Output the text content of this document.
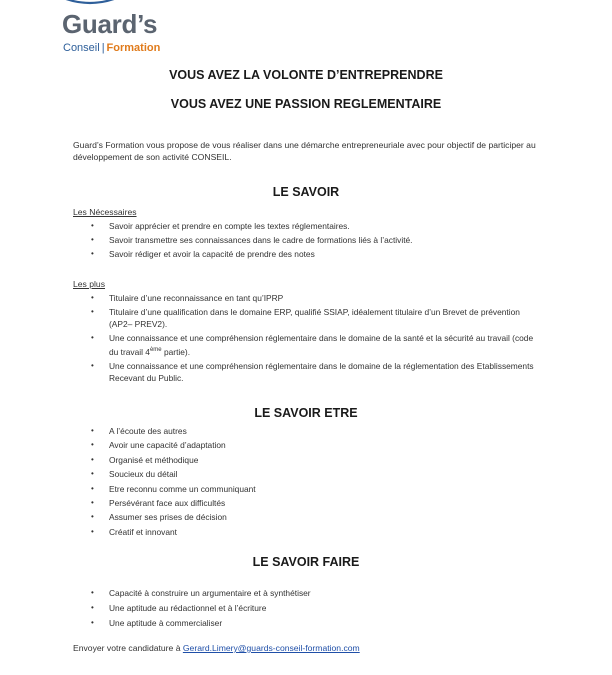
Guard’s
Conseil | Formation
VOUS AVEZ LA VOLONTE D’ENTREPRENDRE
VOUS AVEZ UNE PASSION REGLEMENTAIRE

Guard’s Formation vous propose de vous réaliser dans une démarche entrepreneuriale avec pour objectif de participer au développement de son activité CONSEIL.

LE SAVOIR
Les Nécessaires
• Savoir apprécier et prendre en compte les textes réglementaires.
• Savoir transmettre ses connaissances dans le cadre de formations liés à l’activité.
• Savoir rédiger et avoir la capacité de prendre des notes
Les plus
• Titulaire d’une reconnaissance en tant qu’IPRP
• Titulaire d’une qualification dans le domaine ERP, qualifié SSIAP, idéalement titulaire d’un Brevet de prévention (AP2– PREV2).
• Une connaissance et une compréhension réglementaire dans le domaine de la santé et la sécurité au travail (code du travail 4ème partie).
• Une connaissance et une compréhension réglementaire dans le domaine de la réglementation des Etablissements Recevant du Public.
LE SAVOIR ETRE
• A l’écoute des autres
• Avoir une capacité d’adaptation
• Organisé et méthodique
• Soucieux du détail
• Etre reconnu comme un communiquant
• Persévérant face aux difficultés
• Assumer ses prises de décision
• Créatif et innovant
LE SAVOIR FAIRE
• Capacité à construire un argumentaire et à synthétiser
• Une aptitude au rédactionnel et à l’écriture
• Une aptitude à commercialiser
Envoyer votre candidature à Gerard.Limery@guards-conseil-formation.com
